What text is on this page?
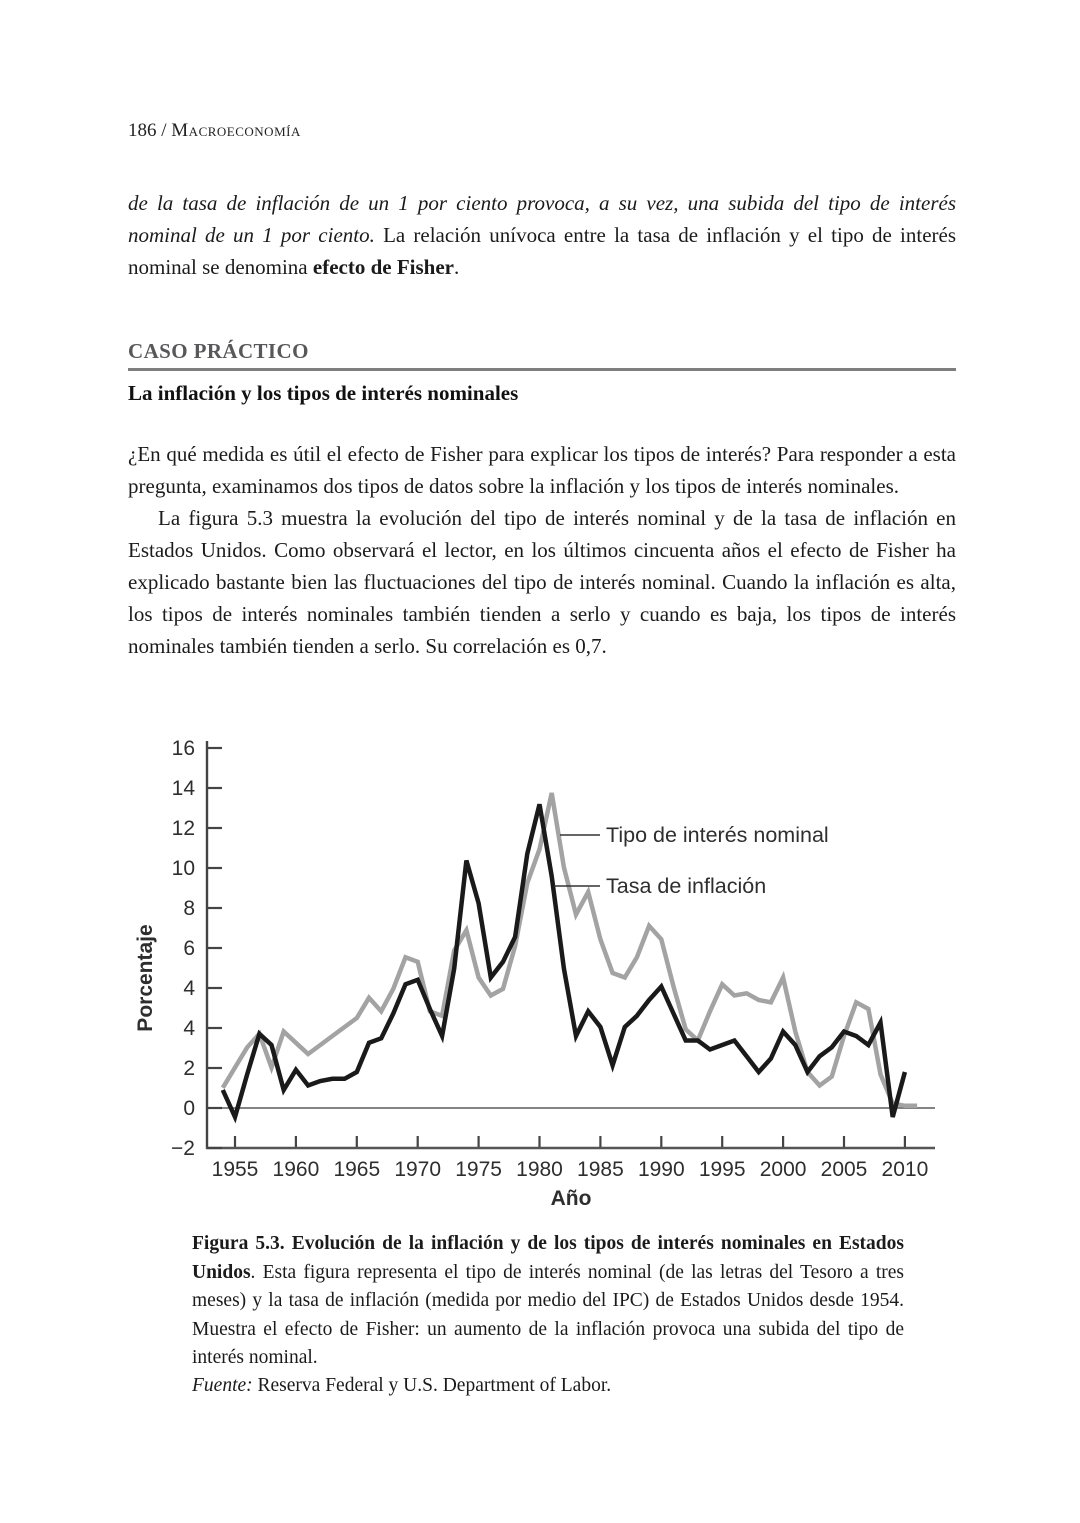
186 / Macroeconomía
de la tasa de inflación de un 1 por ciento provoca, a su vez, una subida del tipo de interés nominal de un 1 por ciento. La relación unívoca entre la tasa de inflación y el tipo de interés nominal se denomina efecto de Fisher.
CASO PRÁCTICO
La inflación y los tipos de interés nominales

¿En qué medida es útil el efecto de Fisher para explicar los tipos de interés? Para responder a esta pregunta, examinamos dos tipos de datos sobre la inflación y los tipos de interés nominales.

La figura 5.3 muestra la evolución del tipo de interés nominal y de la tasa de inflación en Estados Unidos. Como observará el lector, en los últimos cincuenta años el efecto de Fisher ha explicado bastante bien las fluctuaciones del tipo de interés nominal. Cuando la inflación es alta, los tipos de interés nominales también tienden a serlo y cuando es baja, los tipos de interés nominales también tienden a serlo. Su correlación es 0,7.

16
14
12
10
8
6
4
4
2
0
−2
1955 1960 1965 1970 1975 1980 1985 1990 1995 2000 2005 2010
Porcentaje
Año
Tipo de interés nominal
Tasa de inflación
Figura 5.3. Evolución de la inflación y de los tipos de interés nominales en Estados Unidos. Esta figura representa el tipo de interés nominal (de las letras del Tesoro a tres meses) y la tasa de inflación (medida por medio del IPC) de Estados Unidos desde 1954. Muestra el efecto de Fisher: un aumento de la inflación provoca una subida del tipo de interés nominal.
Fuente: Reserva Federal y U.S. Department of Labor.
